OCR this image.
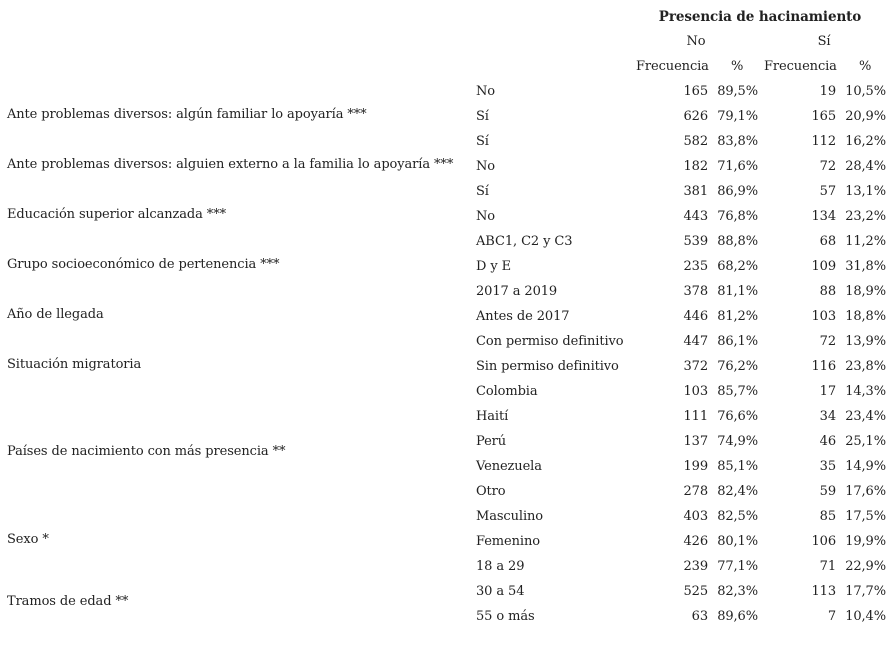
Presencia de hacinamiento
No	Sí
Frecuencia % Frecuencia %
Ante problemas diversos: algún familiar lo apoyaría ***
No	165 89,5%	19 10,5%
Sí	626 79,1%	165 20,9%
Ante problemas diversos: alguien externo a la familia lo apoyaría ***
Sí	582 83,8%	112 16,2%
No	182 71,6%	72 28,4%
Educación superior alcanzada ***
Sí	381 86,9%	57 13,1%
No	443 76,8%	134 23,2%
Grupo socioeconómico de pertenencia ***
ABC1, C2 y C3	539 88,8%	68 11,2%
D y E	235 68,2%	109 31,8%
Año de llegada
2017 a 2019	378 81,1%	88 18,9%
Antes de 2017	446 81,2%	103 18,8%
Situación migratoria
Con permiso definitivo	447 86,1%	72 13,9%
Sin permiso definitivo	372 76,2%	116 23,8%
Países de nacimiento con más presencia **
Colombia	103 85,7%	17 14,3%
Haití	111 76,6%	34 23,4%
Perú	137 74,9%	46 25,1%
Venezuela	199 85,1%	35 14,9%
Otro	278 82,4%	59 17,6%
Sexo *
Masculino	403 82,5%	85 17,5%
Femenino	426 80,1%	106 19,9%
Tramos de edad **
18 a 29	239 77,1%	71 22,9%
30 a 54	525 82,3%	113 17,7%
55 o más	63 89,6%	7 10,4%
